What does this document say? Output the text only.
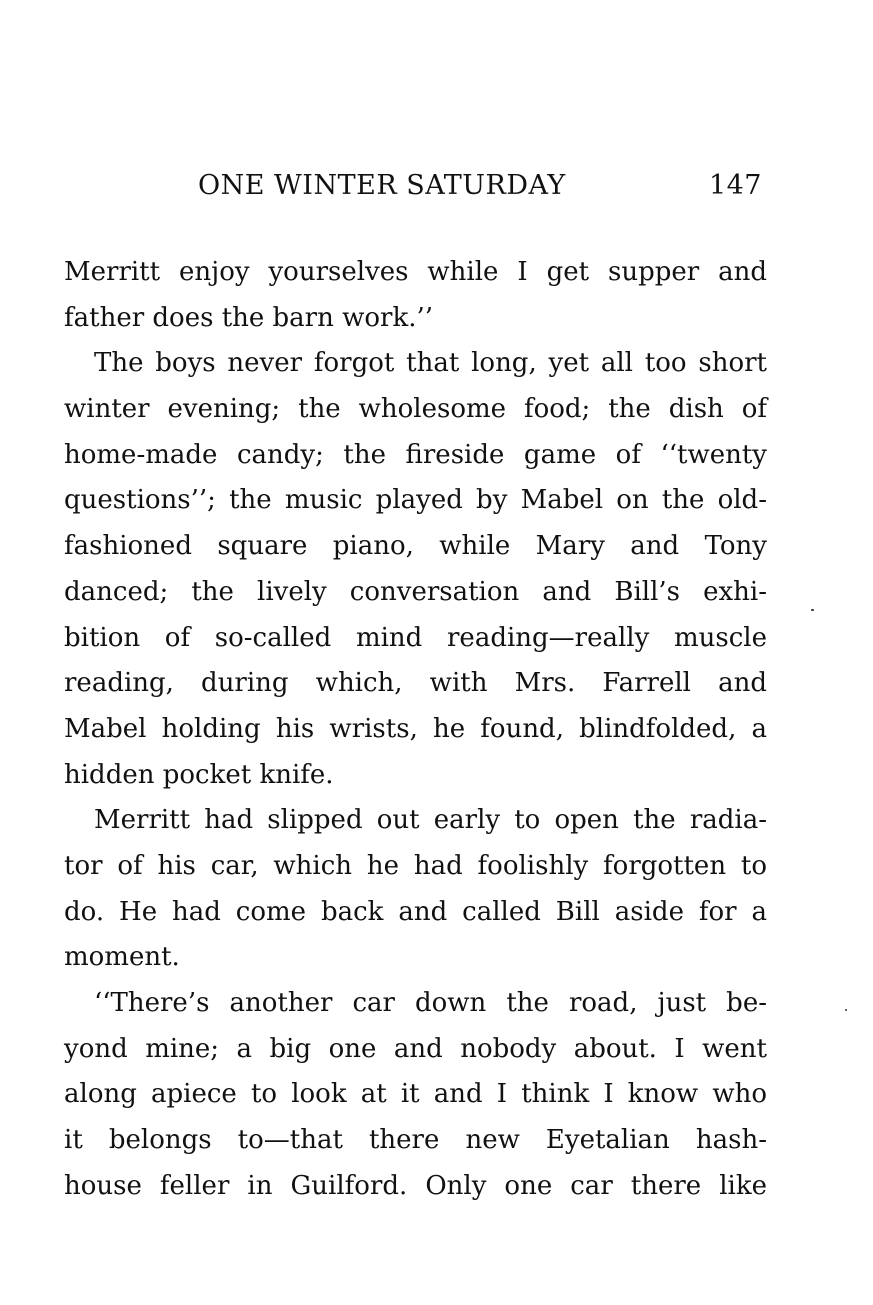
ONE WINTER SATURDAY	147
Merritt enjoy yourselves while I get supper and
father does the barn work.’’
The boys never forgot that long, yet all too short
winter evening; the wholesome food; the dish of
home-made candy; the fireside game of ‘‘twenty
questions’’; the music played by Mabel on the old-
fashioned square piano, while Mary and Tony
danced; the lively conversation and Bill’s exhi-
bition of so-called mind reading—really muscle
reading, during which, with Mrs. Farrell and
Mabel holding his wrists, he found, blindfolded, a
hidden pocket knife.
Merritt had slipped out early to open the radia-
tor of his car, which he had foolishly forgotten to
do. He had come back and called Bill aside for a
moment.
‘‘There’s another car down the road, just be-
yond mine; a big one and nobody about. I went
along apiece to look at it and I think I know who
it belongs to—that there new Eyetalian hash-
house feller in Guilford. Only one car there like
